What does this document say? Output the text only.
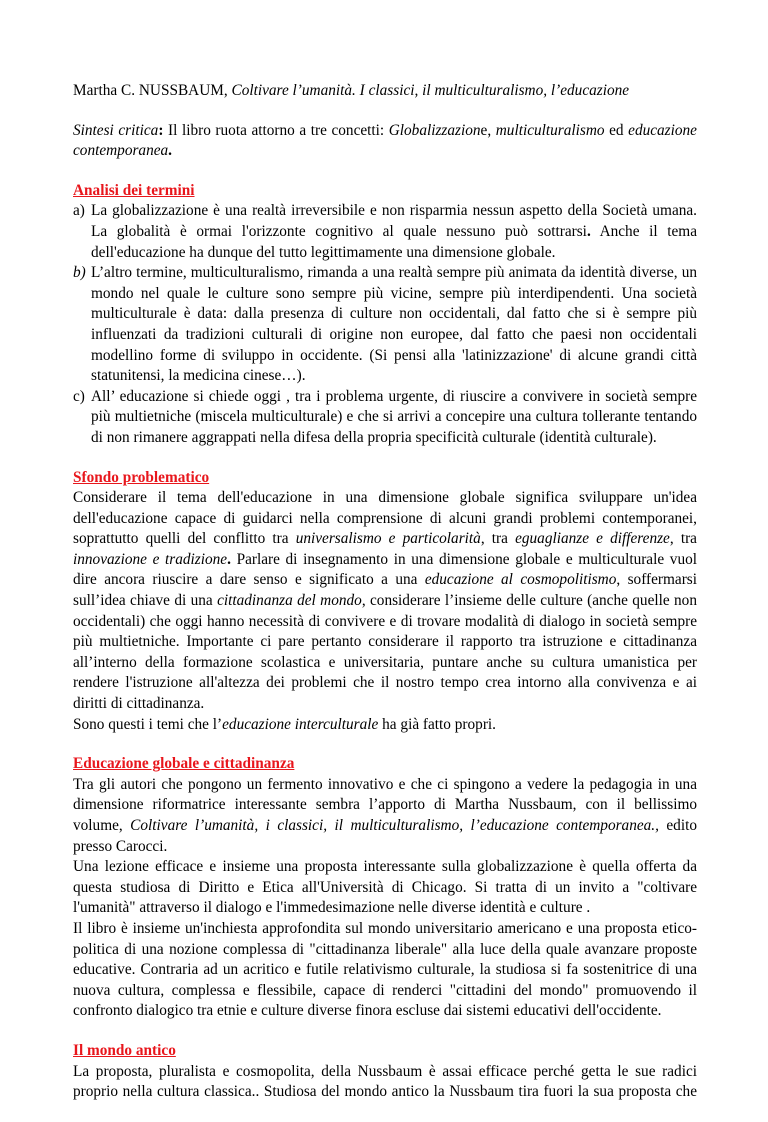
Martha C. NUSSBAUM, Coltivare l’umanità. I classici, il multiculturalismo, l’educazione

Sintesi critica: Il libro ruota attorno a tre concetti: Globalizzazione, multiculturalismo ed educazione contemporanea.

Analisi dei termini
a) La globalizzazione è una realtà irreversibile e non risparmia nessun aspetto della Società umana. La globalità è ormai l'orizzonte cognitivo al quale nessuno può sottrarsi. Anche il tema dell'educazione ha dunque del tutto legittimamente una dimensione globale.
b) L’altro termine, multiculturalismo, rimanda a una realtà sempre più animata da identità diverse, un mondo nel quale le culture sono sempre più vicine, sempre più interdipendenti. Una società multiculturale è data: dalla presenza di culture non occidentali, dal fatto che si è sempre più influenzati da tradizioni culturali di origine non europee, dal fatto che paesi non occidentali modellino forme di sviluppo in occidente. (Si pensi alla 'latinizzazione' di alcune grandi città statunitensi, la medicina cinese…).
c) All’ educazione si chiede oggi , tra i problema urgente, di riuscire a convivere in società sempre più multietniche (miscela multiculturale) e che si arrivi a concepire una cultura tollerante tentando di non rimanere aggrappati nella difesa della propria specificità culturale (identità culturale).
Sfondo problematico

Considerare il tema dell'educazione in una dimensione globale significa sviluppare un'idea dell'educazione capace di guidarci nella comprensione di alcuni grandi problemi contemporanei, soprattutto quelli del conflitto tra universalismo e particolarità, tra eguaglianze e differenze, tra innovazione e tradizione. Parlare di insegnamento in una dimensione globale e multiculturale vuol dire ancora riuscire a dare senso e significato a una educazione al cosmopolitismo, soffermarsi sull’idea chiave di una cittadinanza del mondo, considerare l’insieme delle culture (anche quelle non occidentali) che oggi hanno necessità di convivere e di trovare modalità di dialogo in società sempre più multietniche. Importante ci pare pertanto considerare il rapporto tra istruzione e cittadinanza all’interno della formazione scolastica e universitaria, puntare anche su cultura umanistica per rendere l'istruzione all'altezza dei problemi che il nostro tempo crea intorno alla convivenza e ai diritti di cittadinanza.

Sono questi i temi che l’educazione interculturale ha già fatto propri.

Educazione globale e cittadinanza

Tra gli autori che pongono un fermento innovativo e che ci spingono a vedere la pedagogia in una dimensione riformatrice interessante sembra l’apporto di Martha Nussbaum, con il bellissimo volume, Coltivare l’umanità, i classici, il multiculturalismo, l’educazione contemporanea., edito presso Carocci.

Una lezione efficace e insieme una proposta interessante sulla globalizzazione è quella offerta da questa studiosa di Diritto e Etica all'Università di Chicago. Si tratta di un invito a "coltivare l'umanità" attraverso il dialogo e l'immedesimazione nelle diverse identità e culture .

Il libro è insieme un'inchiesta approfondita sul mondo universitario americano e una proposta etico-politica di una nozione complessa di "cittadinanza liberale" alla luce della quale avanzare proposte educative. Contraria ad un acritico e futile relativismo culturale, la studiosa si fa sostenitrice di una nuova cultura, complessa e flessibile, capace di renderci "cittadini del mondo" promuovendo il confronto dialogico tra etnie e culture diverse finora escluse dai sistemi educativi dell'occidente.

Il mondo antico

La proposta, pluralista e cosmopolita, della Nussbaum è assai efficace perché getta le sue radici proprio nella cultura classica.. Studiosa del mondo antico la Nussbaum tira fuori la sua proposta che
